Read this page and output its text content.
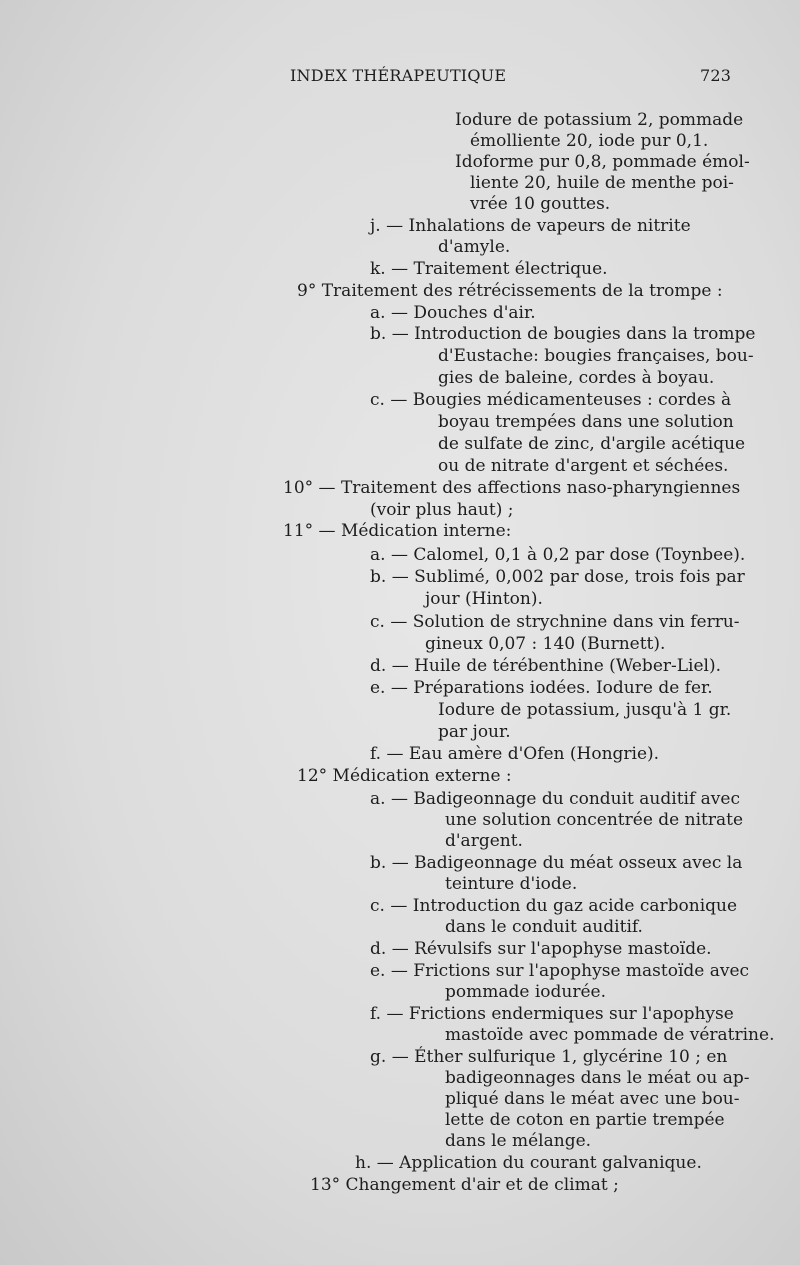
INDEX THÉRAPEUTIQUE	723
Iodure de potassium 2, pommade
émolliente 20, iode pur 0,1.
Idoforme pur 0,8, pommade émol-
liente 20, huile de menthe poi-
vrée 10 gouttes.
j. — Inhalations de vapeurs de nitrite
d'amyle.
k. — Traitement électrique.
9° Traitement des rétrécissements de la trompe :
a. — Douches d'air.
b. — Introduction de bougies dans la trompe
d'Eustache: bougies françaises, bou-
gies de baleine, cordes à boyau.
c. — Bougies médicamenteuses : cordes à
boyau trempées dans une solution
de sulfate de zinc, d'argile acétique
ou de nitrate d'argent et séchées.
10° — Traitement des affections naso-pharyngiennes
(voir plus haut) ;
11° — Médication interne:
a. — Calomel, 0,1 à 0,2 par dose (Toynbee).
b. — Sublimé, 0,002 par dose, trois fois par
jour (Hinton).
c. — Solution de strychnine dans vin ferru-
gineux 0,07 : 140 (Burnett).
d. — Huile de térébenthine (Weber-Liel).
e. — Préparations iodées. Iodure de fer.
Iodure de potassium, jusqu'à 1 gr.
par jour.
f. — Eau amère d'Ofen (Hongrie).
12° Médication externe :
a. — Badigeonnage du conduit auditif avec
une solution concentrée de nitrate
d'argent.
b. — Badigeonnage du méat osseux avec la
teinture d'iode.
c. — Introduction du gaz acide carbonique
dans le conduit auditif.
d. — Révulsifs sur l'apophyse mastoïde.
e. — Frictions sur l'apophyse mastoïde avec
pommade iodurée.
f. — Frictions endermiques sur l'apophyse
mastoïde avec pommade de vératrine.
g. — Éther sulfurique 1, glycérine 10 ; en
badigeonnages dans le méat ou ap-
pliqué dans le méat avec une bou-
lette de coton en partie trempée
dans le mélange.
h. — Application du courant galvanique.
13° Changement d'air et de climat ;
